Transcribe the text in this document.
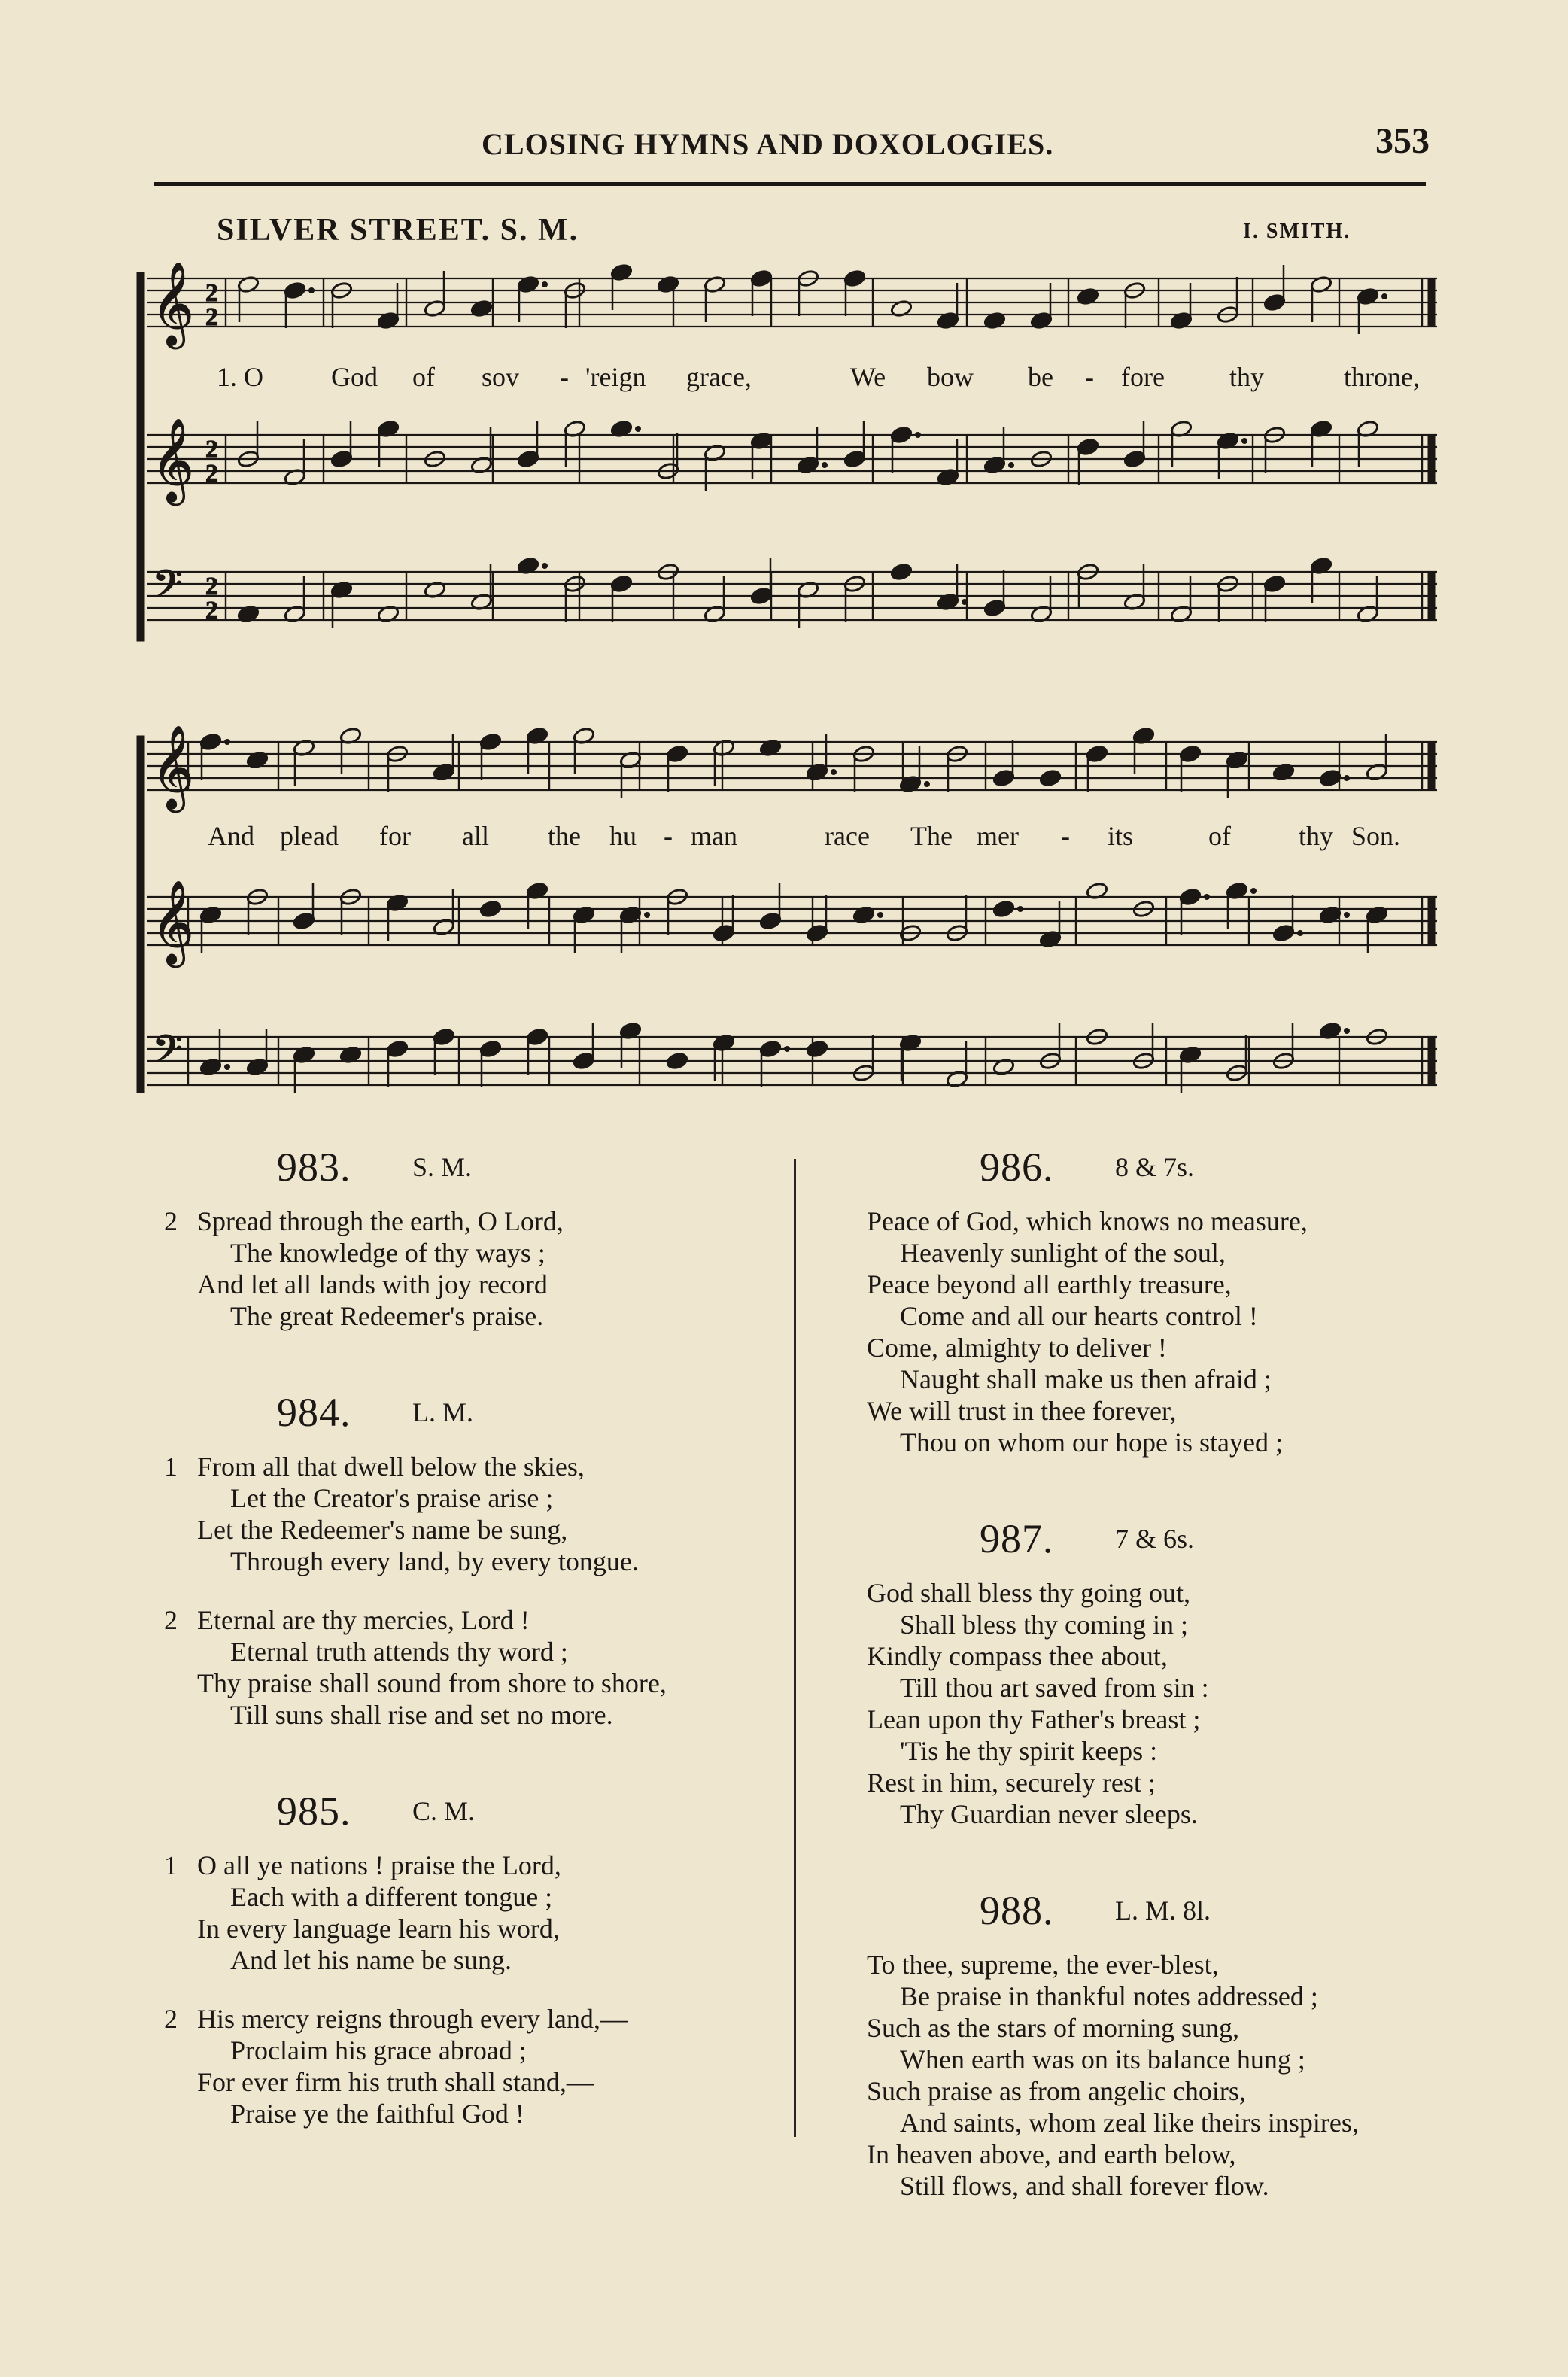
CLOSING HYMNS AND DOXOLOGIES.	353
SILVER STREET. S. M.	I. SMITH.
𝄞 2
2
𝄞 2
2
𝄢 2
2
𝄞
𝄞
𝄢
1. O	God of sov - 'reign grace,	We bow be - fore thy	throne,
And plead for all the hu - man	race The mer - its	of	thy Son.
983. S. M.
2 Spread through the earth, O Lord,
The knowledge of thy ways ;
And let all lands with joy record
The great Redeemer's praise.
984. L. M.
1 From all that dwell below the skies,
Let the Creator's praise arise ;
Let the Redeemer's name be sung,
Through every land, by every tongue.
2 Eternal are thy mercies, Lord !
Eternal truth attends thy word ;
Thy praise shall sound from shore to shore,
Till suns shall rise and set no more.
985. C. M.
1 O all ye nations ! praise the Lord,
Each with a different tongue ;
In every language learn his word,
And let his name be sung.
2 His mercy reigns through every land,—
Proclaim his grace abroad ;
For ever firm his truth shall stand,—
Praise ye the faithful God !
986. 8 & 7s.
Peace of God, which knows no measure,
Heavenly sunlight of the soul,
Peace beyond all earthly treasure,
Come and all our hearts control !
Come, almighty to deliver !
Naught shall make us then afraid ;
We will trust in thee forever,
Thou on whom our hope is stayed ;
987. 7 & 6s.
God shall bless thy going out,
Shall bless thy coming in ;
Kindly compass thee about,
Till thou art saved from sin :
Lean upon thy Father's breast ;
'Tis he thy spirit keeps :
Rest in him, securely rest ;
Thy Guardian never sleeps.
988. L. M. 8l.
To thee, supreme, the ever-blest,
Be praise in thankful notes addressed ;
Such as the stars of morning sung,
When earth was on its balance hung ;
Such praise as from angelic choirs,
And saints, whom zeal like theirs inspires,
In heaven above, and earth below,
Still flows, and shall forever flow.
